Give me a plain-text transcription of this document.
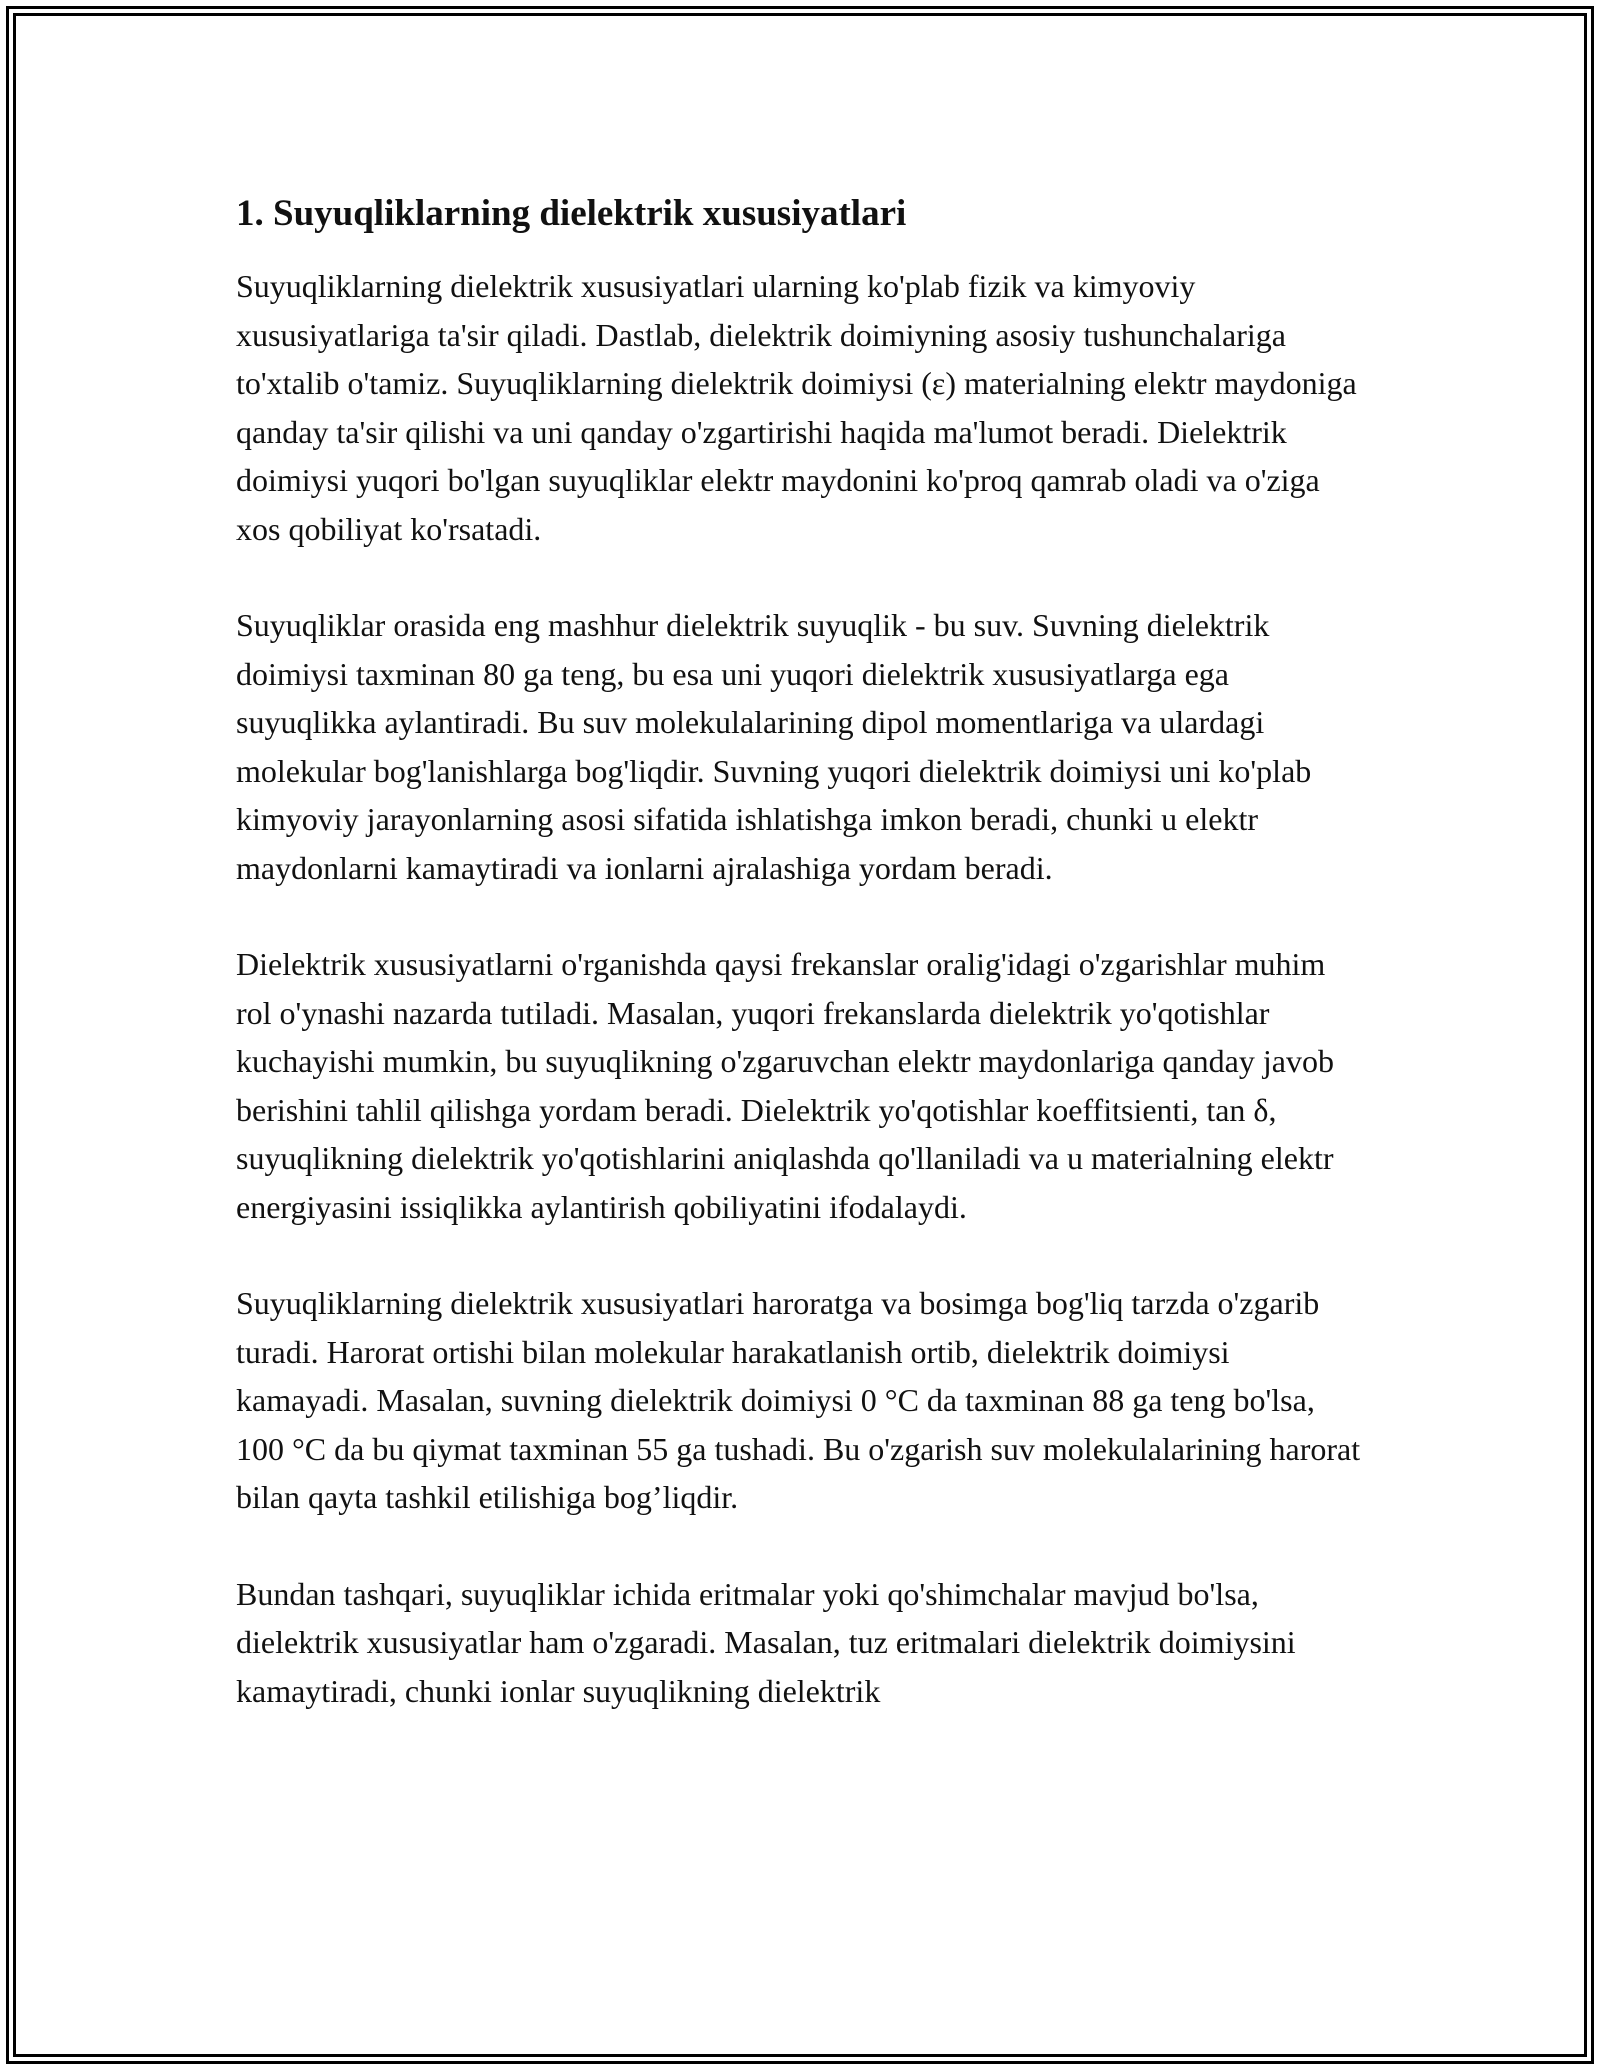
1. Suyuqliklarning dielektrik xususiyatlari

Suyuqliklarning dielektrik xususiyatlari ularning ko'plab fizik va kimyoviy xususiyatlariga ta'sir qiladi. Dastlab, dielektrik doimiyning asosiy tushunchalariga to'xtalib o'tamiz. Suyuqliklarning dielektrik doimiysi (ε) materialning elektr maydoniga qanday ta'sir qilishi va uni qanday o'zgartirishi haqida ma'lumot beradi. Dielektrik doimiysi yuqori bo'lgan suyuqliklar elektr maydonini ko'proq qamrab oladi va o'ziga xos qobiliyat ko'rsatadi.

Suyuqliklar orasida eng mashhur dielektrik suyuqlik - bu suv. Suvning dielektrik doimiysi taxminan 80 ga teng, bu esa uni yuqori dielektrik xususiyatlarga ega suyuqlikka aylantiradi. Bu suv molekulalarining dipol momentlariga va ulardagi molekular bog'lanishlarga bog'liqdir. Suvning yuqori dielektrik doimiysi uni ko'plab kimyoviy jarayonlarning asosi sifatida ishlatishga imkon beradi, chunki u elektr maydonlarni kamaytiradi va ionlarni ajralashiga yordam beradi.

Dielektrik xususiyatlarni o'rganishda qaysi frekanslar oralig'idagi o'zgarishlar muhim rol o'ynashi nazarda tutiladi. Masalan, yuqori frekanslarda dielektrik yo'qotishlar kuchayishi mumkin, bu suyuqlikning o'zgaruvchan elektr maydonlariga qanday javob berishini tahlil qilishga yordam beradi. Dielektrik yo'qotishlar koeffitsienti, tan δ, suyuqlikning dielektrik yo'qotishlarini aniqlashda qo'llaniladi va u materialning elektr energiyasini issiqlikka aylantirish qobiliyatini ifodalaydi.

Suyuqliklarning dielektrik xususiyatlari haroratga va bosimga bog'liq tarzda o'zgarib turadi. Harorat ortishi bilan molekular harakatlanish ortib, dielektrik doimiysi kamayadi. Masalan, suvning dielektrik doimiysi 0 °C da taxminan 88 ga teng bo'lsa, 100 °C da bu qiymat taxminan 55 ga tushadi. Bu o'zgarish suv molekulalarining harorat bilan qayta tashkil etilishiga bog’liqdir.

Bundan tashqari, suyuqliklar ichida eritmalar yoki qo'shimchalar mavjud bo'lsa, dielektrik xususiyatlar ham o'zgaradi. Masalan, tuz eritmalari dielektrik doimiysini kamaytiradi, chunki ionlar suyuqlikning dielektrik
